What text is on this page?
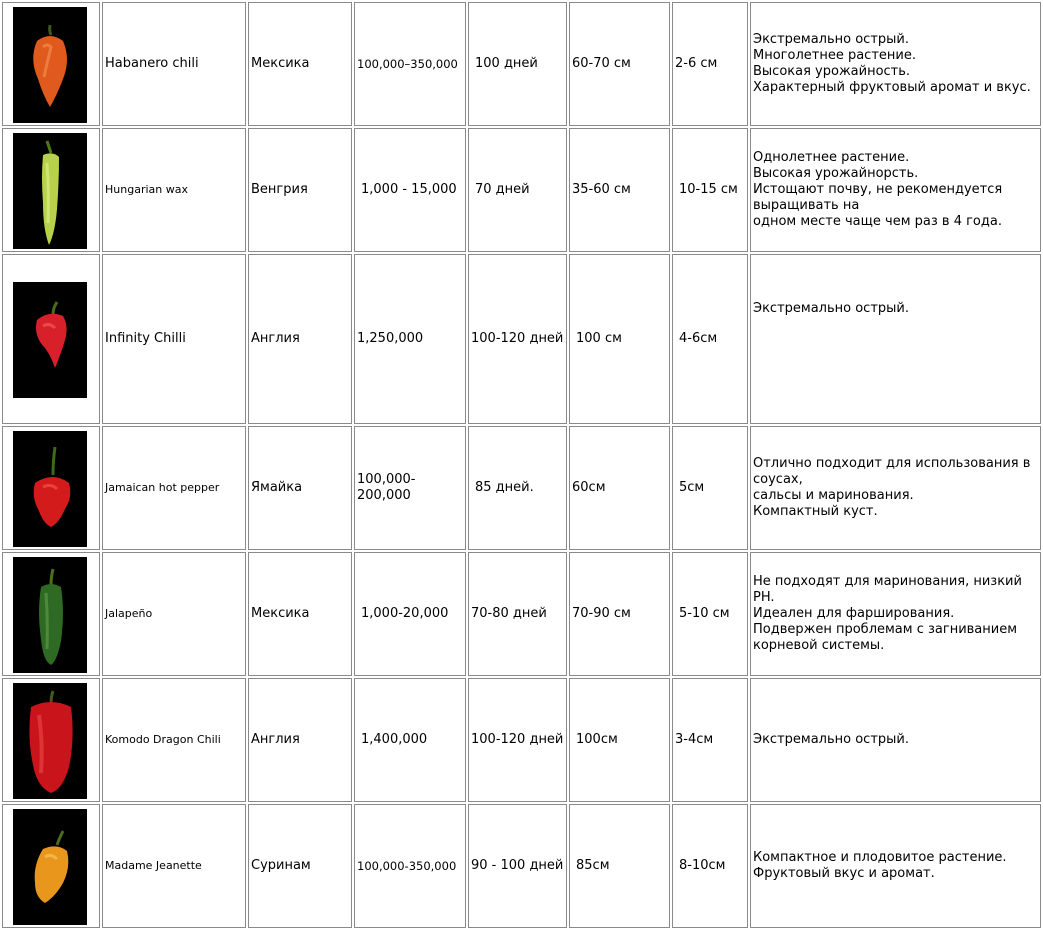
	Habanero chili	Мексика	100,000–350,000	100 дней	60-70 см	2-6 см	Экстремально острый.
Многолетнее растение.
Высокая урожайность.
Характерный фруктовый аромат и вкус.

	Hungarian wax	Венгрия	1,000 - 15,000	70 дней	35-60 см	10-15 см	Однолетнее растение.
Высокая урожайнорсть.
Истощают почву, не рекомендуется выращивать на
одном месте чаще чем раз в 4 года.

	Infinity Chilli	Англия	1,250,000	100-120 дней	100 см	4-6см	Экстремально острый.

	Jamaican hot pepper	Ямайка	100,000-200,000	85 дней.	60см	5см	Отлично подходит для использования в соусах,
сальсы и маринования.
Компактный куст.

	Jalapeño	Мексика	1,000-20,000	70-80 дней	70-90 см	5-10 см	Не подходят для маринования, низкий PH.
Идеален для фарширования.
Подвержен проблемам с загниванием
корневой системы.

	Komodo Dragon Chili	Англия	1,400,000	100-120 дней	100см	3-4см	Экстремально острый.

	Madame Jeanette	Суринам	100,000-350,000	90 - 100 дней	85см	8-10см	Компактное и плодовитое растение.
Фруктовый вкус и аромат.
